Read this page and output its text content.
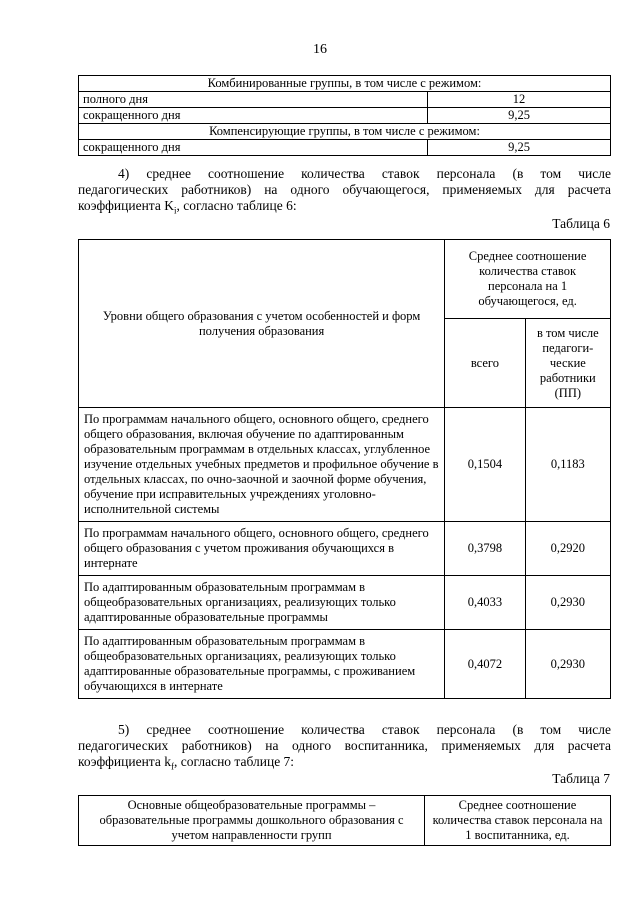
16
Комбинированные группы, в том числе с режимом:	
полного дня	12
сокращенного дня	9,25
Компенсирующие группы, в том числе с режимом:	
сокращенного дня	9,25
4) среднее соотношение количества ставок персонала (в том числе
педагогических работников) на одного обучающегося, применяемых для расчета
коэффициента $K_i$, согласно таблице 6:
Таблица 6
Уровни общего образования с учетом особенностей и форм получения образования	Среднее соотношение количества ставок персонала на 1 обучающегося, ед.	
	всего	в том числе педагоги-ческие работники (ПП)
По программам начального общего, основного общего, среднего общего образования, включая обучение по адаптированным образовательным программам в отдельных классах, углубленное изучение отдельных учебных предметов и профильное обучение в отдельных классах, по очно-заочной и заочной форме обучения, обучение при исправительных учреждениях уголовно-исполнительной системы	0,1504	0,1183
По программам начального общего, основного общего, среднего общего образования с учетом проживания обучающихся в интернате	0,3798	0,2920
По адаптированным образовательным программам в общеобразовательных организациях, реализующих только адаптированные образовательные программы	0,4033	0,2930
По адаптированным образовательным программам в общеобразовательных организациях, реализующих только адаптированные образовательные программы, с проживанием обучающихся в интернате	0,4072	0,2930
5) среднее соотношение количества ставок персонала (в том числе
педагогических работников) на одного воспитанника, применяемых для расчета
коэффициента $k_f$, согласно таблице 7:
Таблица 7
Основные общеобразовательные программы – образовательные программы дошкольного образования с учетом направленности групп	Среднее соотношение количества ставок персонала на 1 воспитанника, ед.
